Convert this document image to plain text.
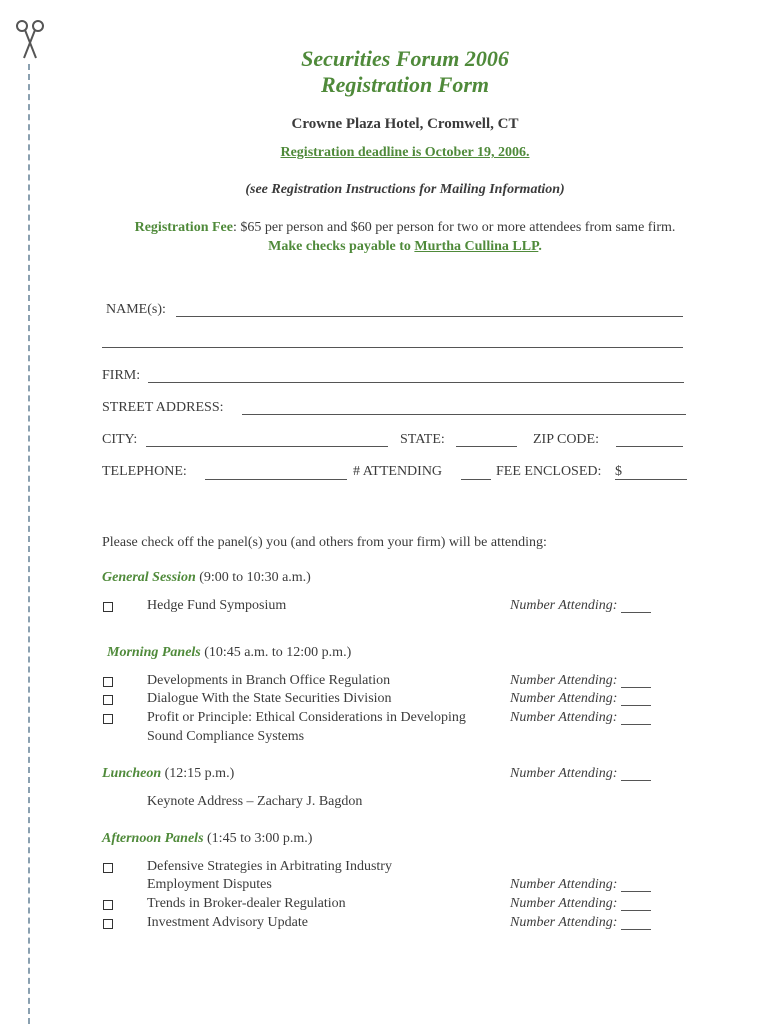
Securities Forum 2006
Registration Form
Crowne Plaza Hotel, Cromwell, CT
Registration deadline is October 19, 2006.
(see Registration Instructions for Mailing Information)
Registration Fee: $65 per person and $60 per person for two or more attendees from same firm.
Make checks payable to Murtha Cullina LLP.
NAME(s):
FIRM:
STREET ADDRESS:
CITY:	STATE:	ZIP CODE:
TELEPHONE:	# ATTENDING	FEE ENCLOSED: $
Please check off the panel(s) you (and others from your firm) will be attending:
General Session (9:00 to 10:30 a.m.)
Hedge Fund Symposium	Number Attending:
Morning Panels (10:45 a.m. to 12:00 p.m.)
Developments in Branch Office Regulation	Number Attending:
Dialogue With the State Securities Division	Number Attending:
Profit or Principle: Ethical Considerations in Developing	Number Attending:
Sound Compliance Systems
Luncheon (12:15 p.m.)	Number Attending:
Keynote Address – Zachary J. Bagdon
Afternoon Panels (1:45 to 3:00 p.m.)
Defensive Strategies in Arbitrating Industry
Employment Disputes	Number Attending:
Trends in Broker-dealer Regulation	Number Attending:
Investment Advisory Update	Number Attending:
